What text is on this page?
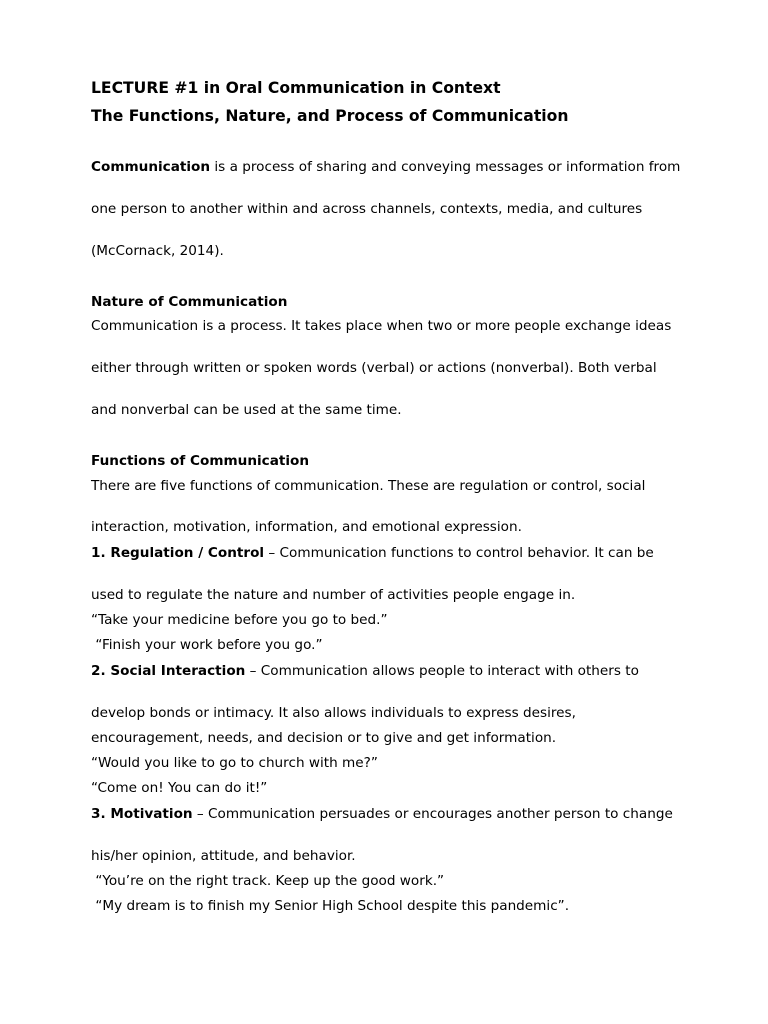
LECTURE #1 in Oral Communication in Context
The Functions, Nature, and Process of Communication
Communication is a process of sharing and conveying messages or information from
one person to another within and across channels, contexts, media, and cultures
(McCornack, 2014).
Nature of Communication
Communication is a process. It takes place when two or more people exchange ideas
either through written or spoken words (verbal) or actions (nonverbal). Both verbal
and nonverbal can be used at the same time.
Functions of Communication
There are five functions of communication. These are regulation or control, social
interaction, motivation, information, and emotional expression.
1. Regulation / Control – Communication functions to control behavior. It can be
used to regulate the nature and number of activities people engage in.
“Take your medicine before you go to bed.”
“Finish your work before you go.”
2. Social Interaction – Communication allows people to interact with others to
develop bonds or intimacy. It also allows individuals to express desires,
encouragement, needs, and decision or to give and get information.
“Would you like to go to church with me?”
“Come on! You can do it!”
3. Motivation – Communication persuades or encourages another person to change
his/her opinion, attitude, and behavior.
“You’re on the right track. Keep up the good work.”
“My dream is to finish my Senior High School despite this pandemic”.
